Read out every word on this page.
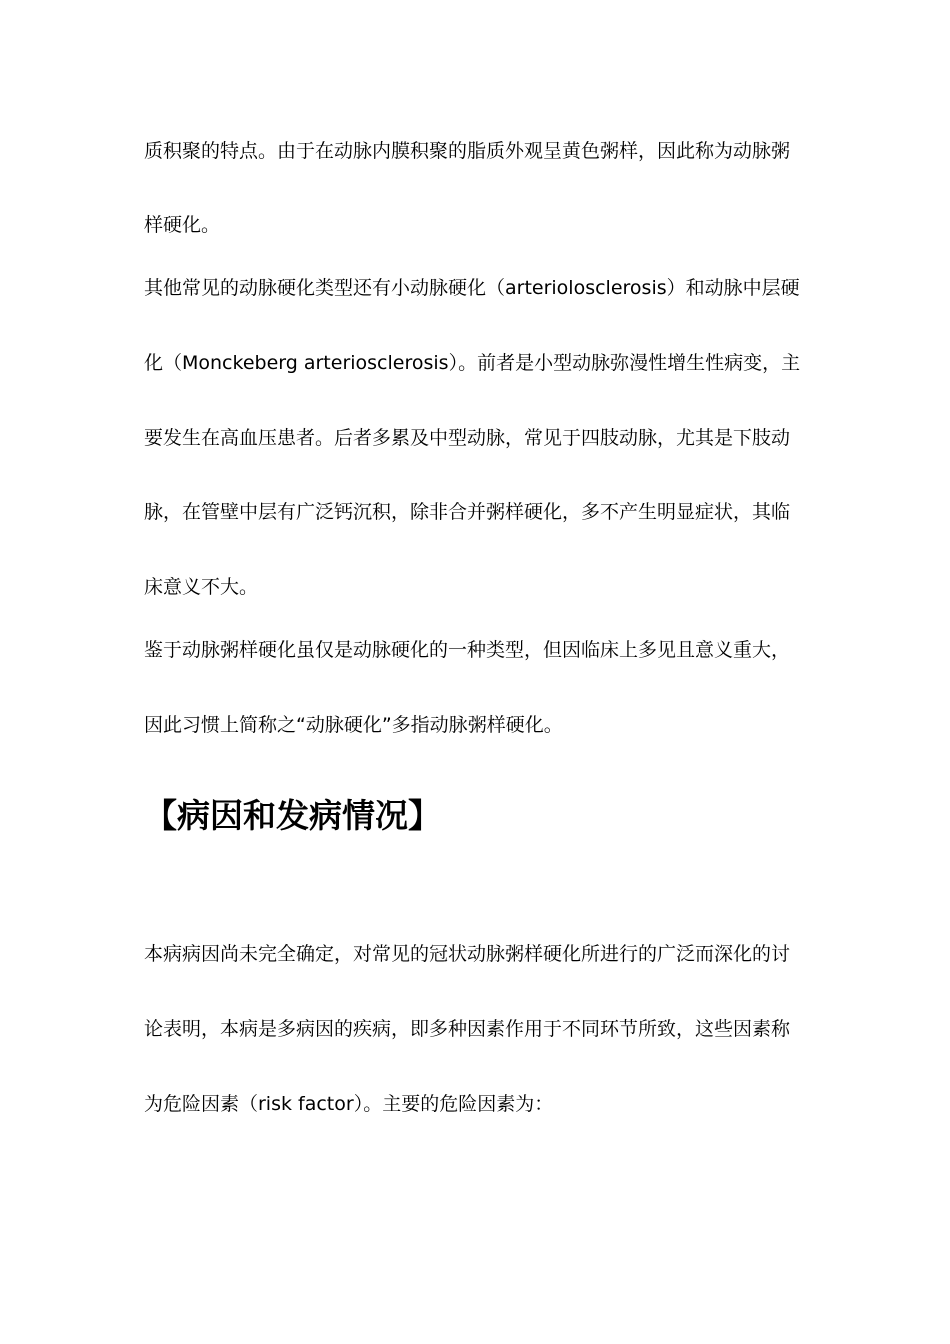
质积聚的特点。由于在动脉内膜积聚的脂质外观呈黄色粥样，因此称为动脉粥
样硬化。
其他常见的动脉硬化类型还有小动脉硬化（arteriolosclerosis）和动脉中层硬
化（Monckeberg arteriosclerosis）。前者是小型动脉弥漫性增生性病变，主
要发生在高血压患者。后者多累及中型动脉，常见于四肢动脉，尤其是下肢动
脉，在管壁中层有广泛钙沉积，除非合并粥样硬化，多不产生明显症状，其临
床意义不大。
鉴于动脉粥样硬化虽仅是动脉硬化的一种类型，但因临床上多见且意义重大，
因此习惯上简称之“动脉硬化”多指动脉粥样硬化。
【病因和发病情况】
本病病因尚未完全确定，对常见的冠状动脉粥样硬化所进行的广泛而深化的讨
论表明，本病是多病因的疾病，即多种因素作用于不同环节所致，这些因素称
为危险因素（risk factor）。主要的危险因素为：
